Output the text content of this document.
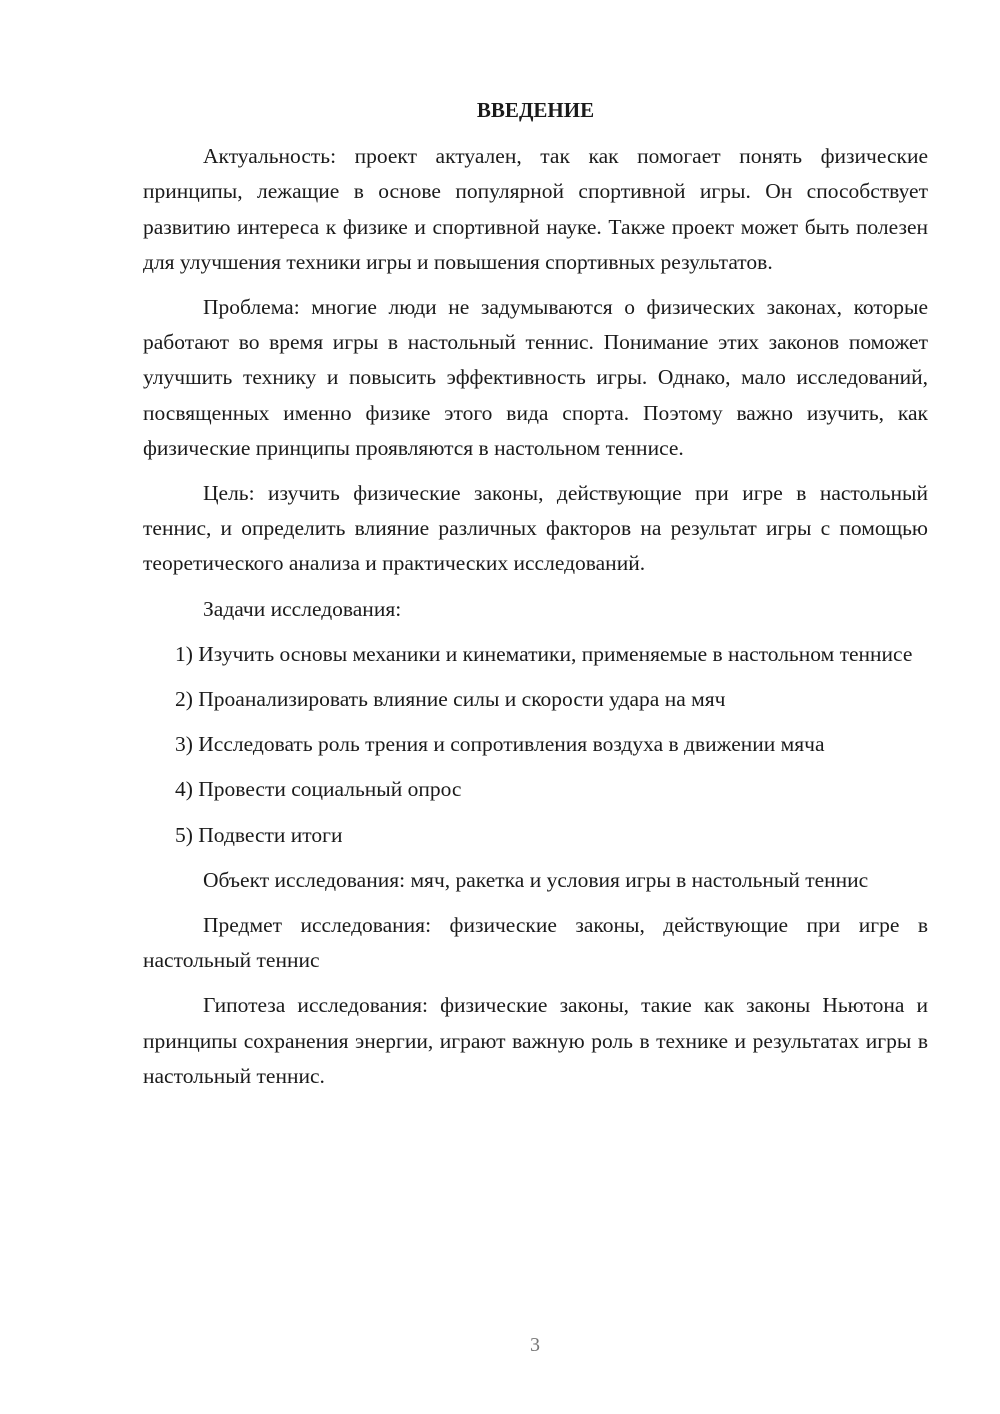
ВВЕДЕНИЕ

Актуальность: проект актуален, так как помогает понять физические принципы, лежащие в основе популярной спортивной игры. Он способствует развитию интереса к физике и спортивной науке. Также проект может быть полезен для улучшения техники игры и повышения спортивных результатов.

Проблема: многие люди не задумываются о физических законах, которые работают во время игры в настольный теннис. Понимание этих законов поможет улучшить технику и повысить эффективность игры. Однако, мало исследований, посвященных именно физике этого вида спорта. Поэтому важно изучить, как физические принципы проявляются в настольном теннисе.

Цель: изучить физические законы, действующие при игре в настольный теннис, и определить влияние различных факторов на результат игры с помощью теоретического анализа и практических исследований.

Задачи исследования:

1) Изучить основы механики и кинематики, применяемые в настольном теннисе

2) Проанализировать влияние силы и скорости удара на мяч

3) Исследовать роль трения и сопротивления воздуха в движении мяча

4) Провести социальный опрос

5) Подвести итоги

Объект исследования: мяч, ракетка и условия игры в настольный теннис

Предмет исследования: физические законы, действующие при игре в настольный теннис

Гипотеза исследования: физические законы, такие как законы Ньютона и принципы сохранения энергии, играют важную роль в технике и результатах игры в настольный теннис.

3
